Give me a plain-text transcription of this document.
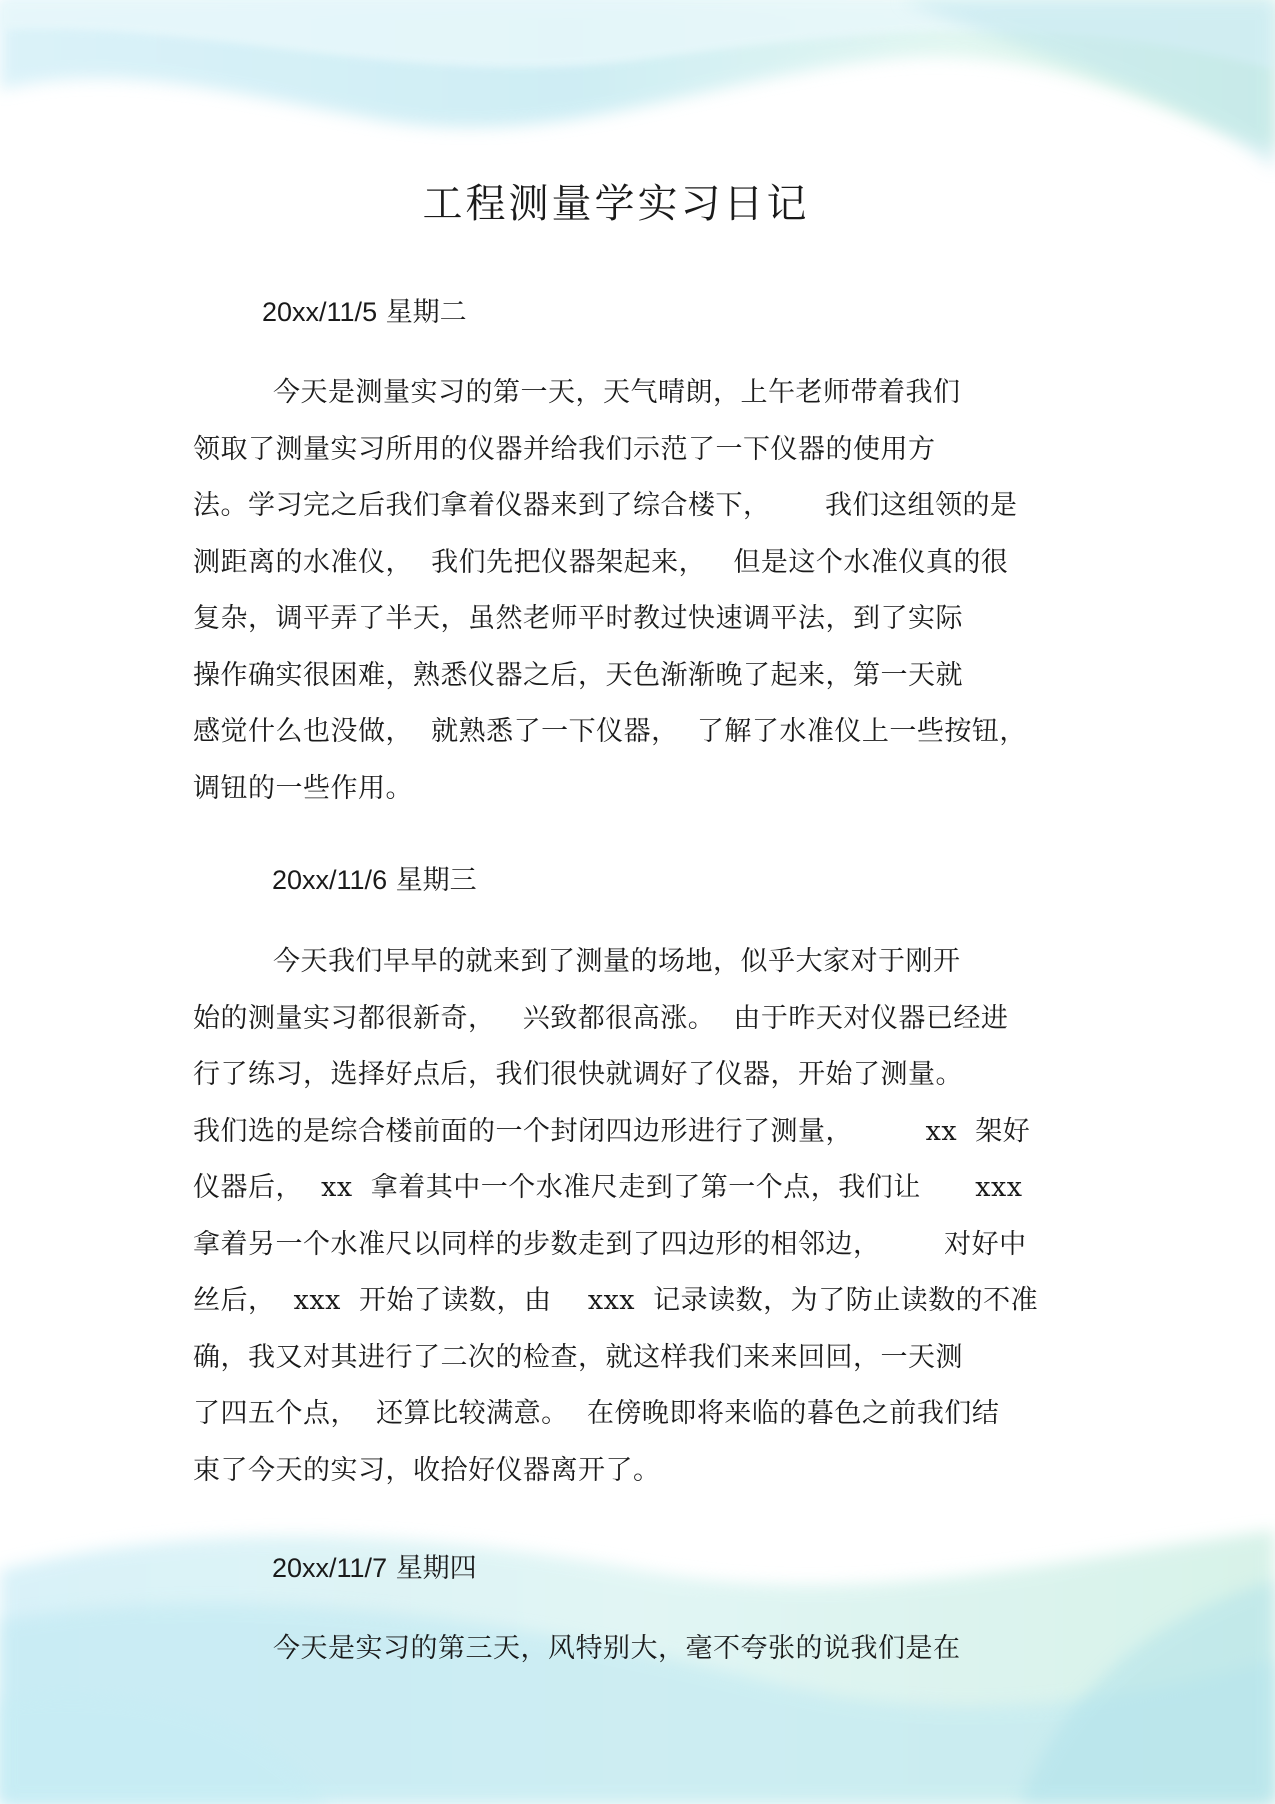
工程测量学实习日记

20xx/11/5 星期二

今天是测量实习的第一天，天气晴朗，上午老师带着我们
领取了测量实习所用的仪器并给我们示范了一下仪器的使用方
法。学习完之后我们拿着仪器来到了综合楼下，      我们这组领的是
测距离的水准仪，  我们先把仪器架起来，   但是这个水准仪真的很
复杂，调平弄了半天，虽然老师平时教过快速调平法，到了实际
操作确实很困难，熟悉仪器之后，天色渐渐晚了起来，第一天就
感觉什么也没做，  就熟悉了一下仪器，  了解了水准仪上一些按钮，
调钮的一些作用。

20xx/11/6 星期三

今天我们早早的就来到了测量的场地，似乎大家对于刚开
始的测量实习都很新奇，   兴致都很高涨。  由于昨天对仪器已经进
行了练习，选择好点后，我们很快就调好了仪器，开始了测量。
我们选的是综合楼前面的一个封闭四边形进行了测量，        xx  架好
仪器后，  xx  拿着其中一个水准尺走到了第一个点，我们让      xxx
拿着另一个水准尺以同样的步数走到了四边形的相邻边，       对好中
丝后，  xxx  开始了读数，由    xxx  记录读数，为了防止读数的不准
确，我又对其进行了二次的检查，就这样我们来来回回，一天测
了四五个点，  还算比较满意。  在傍晚即将来临的暮色之前我们结
束了今天的实习，收拾好仪器离开了。

20xx/11/7 星期四

今天是实习的第三天，风特别大，毫不夸张的说我们是在
